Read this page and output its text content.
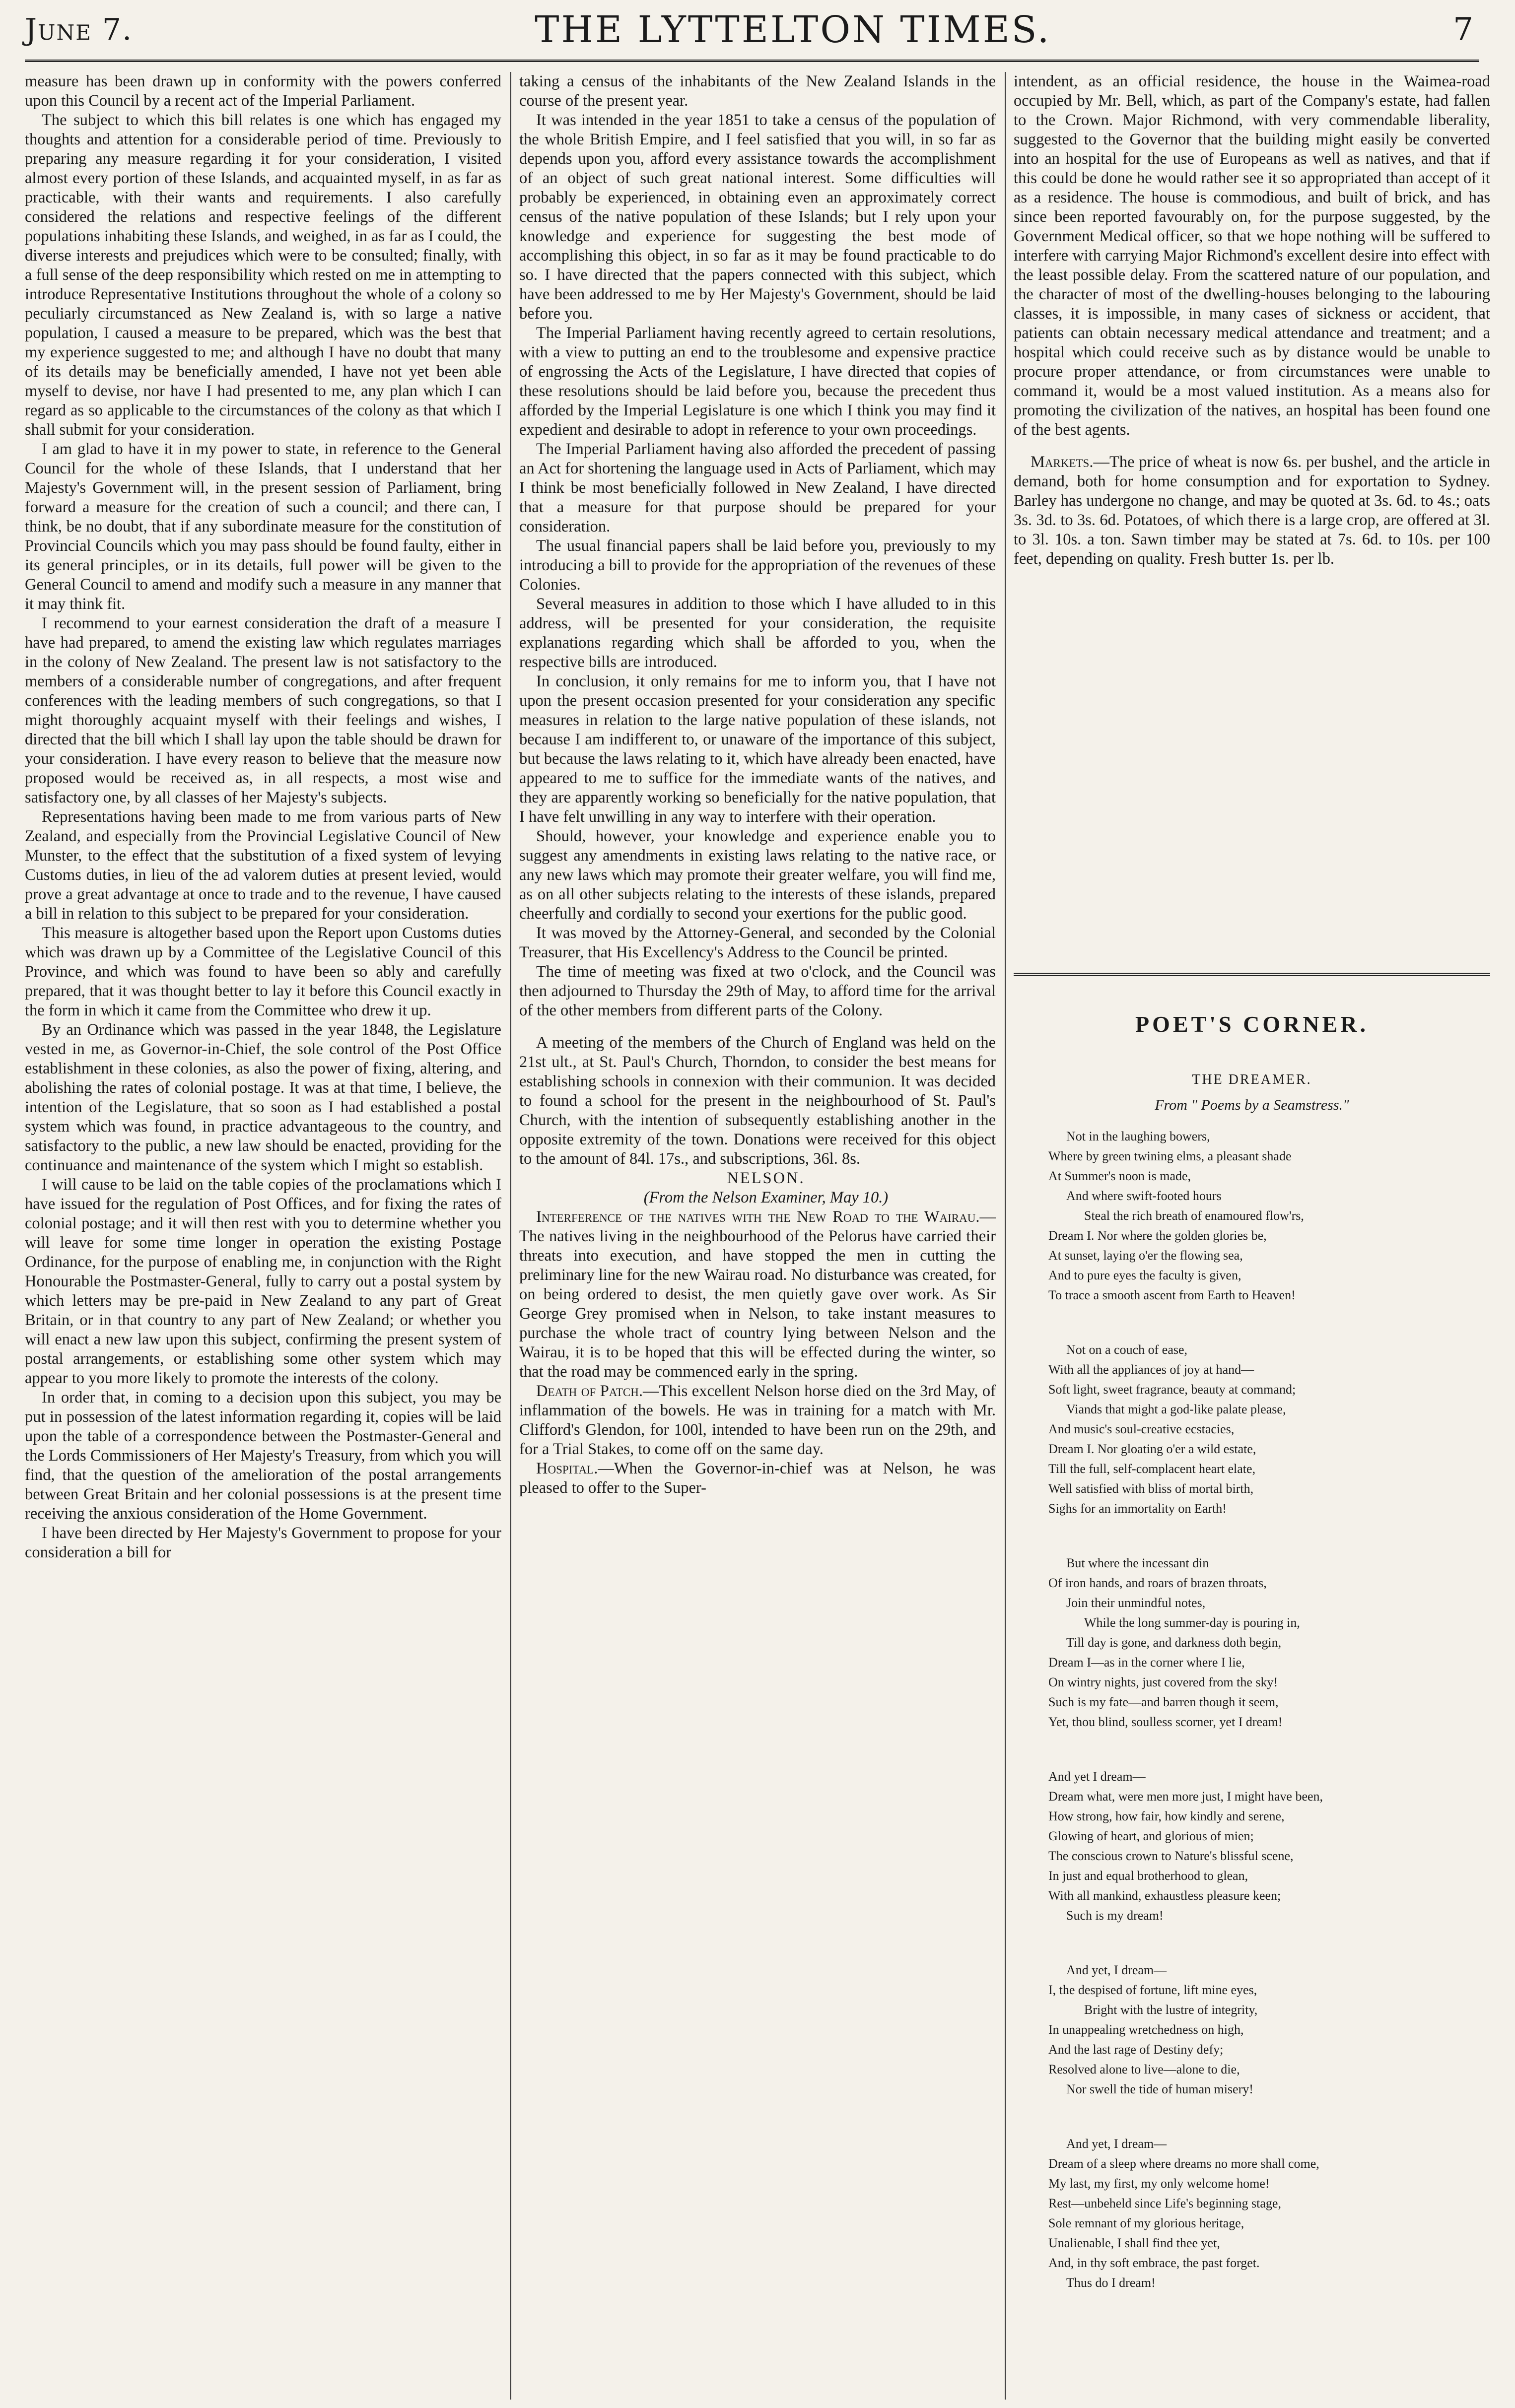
June 7.	THE LYTTELTON TIMES.	7

measure has been drawn up in conformity with the powers conferred upon this Council by a recent act of the Imperial Parliament.

The subject to which this bill relates is one which has engaged my thoughts and attention for a considerable period of time. Previously to preparing any measure regarding it for your consideration, I visited almost every portion of these Islands, and acquainted myself, in as far as practicable, with their wants and requirements. I also carefully considered the relations and respective feelings of the different populations inhabiting these Islands, and weighed, in as far as I could, the diverse interests and prejudices which were to be consulted; finally, with a full sense of the deep responsibility which rested on me in attempting to introduce Representative Institutions throughout the whole of a colony so peculiarly circumstanced as New Zealand is, with so large a native population, I caused a measure to be prepared, which was the best that my experience suggested to me; and although I have no doubt that many of its details may be beneficially amended, I have not yet been able myself to devise, nor have I had presented to me, any plan which I can regard as so applicable to the circumstances of the colony as that which I shall submit for your consideration.

I am glad to have it in my power to state, in reference to the General Council for the whole of these Islands, that I understand that her Majesty's Government will, in the present session of Parliament, bring forward a measure for the creation of such a council; and there can, I think, be no doubt, that if any subordinate measure for the constitution of Provincial Councils which you may pass should be found faulty, either in its general principles, or in its details, full power will be given to the General Council to amend and modify such a measure in any manner that it may think fit.

I recommend to your earnest consideration the draft of a measure I have had prepared, to amend the existing law which regulates marriages in the colony of New Zealand. The present law is not satisfactory to the members of a considerable number of congregations, and after frequent conferences with the leading members of such congregations, so that I might thoroughly acquaint myself with their feelings and wishes, I directed that the bill which I shall lay upon the table should be drawn for your consideration. I have every reason to believe that the measure now proposed would be received as, in all respects, a most wise and satisfactory one, by all classes of her Majesty's subjects.

Representations having been made to me from various parts of New Zealand, and especially from the Provincial Legislative Council of New Munster, to the effect that the substitution of a fixed system of levying Customs duties, in lieu of the ad valorem duties at present levied, would prove a great advantage at once to trade and to the revenue, I have caused a bill in relation to this subject to be prepared for your consideration.

This measure is altogether based upon the Report upon Customs duties which was drawn up by a Committee of the Legislative Council of this Province, and which was found to have been so ably and carefully prepared, that it was thought better to lay it before this Council exactly in the form in which it came from the Committee who drew it up.

By an Ordinance which was passed in the year 1848, the Legislature vested in me, as Governor-in-Chief, the sole control of the Post Office establishment in these colonies, as also the power of fixing, altering, and abolishing the rates of colonial postage. It was at that time, I believe, the intention of the Legislature, that so soon as I had established a postal system which was found, in practice advantageous to the country, and satisfactory to the public, a new law should be enacted, providing for the continuance and maintenance of the system which I might so establish.

I will cause to be laid on the table copies of the proclamations which I have issued for the regulation of Post Offices, and for fixing the rates of colonial postage; and it will then rest with you to determine whether you will leave for some time longer in operation the existing Postage Ordinance, for the purpose of enabling me, in conjunction with the Right Honourable the Postmaster-General, fully to carry out a postal system by which letters may be pre-paid in New Zealand to any part of Great Britain, or in that country to any part of New Zealand; or whether you will enact a new law upon this subject, confirming the present system of postal arrangements, or establishing some other system which may appear to you more likely to promote the interests of the colony.

In order that, in coming to a decision upon this subject, you may be put in possession of the latest information regarding it, copies will be laid upon the table of a correspondence between the Postmaster-General and the Lords Commissioners of Her Majesty's Treasury, from which you will find, that the question of the amelioration of the postal arrangements between Great Britain and her colonial possessions is at the present time receiving the anxious consideration of the Home Government.

I have been directed by Her Majesty's Government to propose for your consideration a bill for

taking a census of the inhabitants of the New Zealand Islands in the course of the present year.

It was intended in the year 1851 to take a census of the population of the whole British Empire, and I feel satisfied that you will, in so far as depends upon you, afford every assistance towards the accomplishment of an object of such great national interest. Some difficulties will probably be experienced, in obtaining even an approximately correct census of the native population of these Islands; but I rely upon your knowledge and experience for suggesting the best mode of accomplishing this object, in so far as it may be found practicable to do so. I have directed that the papers connected with this subject, which have been addressed to me by Her Majesty's Government, should be laid before you.

The Imperial Parliament having recently agreed to certain resolutions, with a view to putting an end to the troublesome and expensive practice of engrossing the Acts of the Legislature, I have directed that copies of these resolutions should be laid before you, because the precedent thus afforded by the Imperial Legislature is one which I think you may find it expedient and desirable to adopt in reference to your own proceedings.

The Imperial Parliament having also afforded the precedent of passing an Act for shortening the language used in Acts of Parliament, which may I think be most beneficially followed in New Zealand, I have directed that a measure for that purpose should be prepared for your consideration.

The usual financial papers shall be laid before you, previously to my introducing a bill to provide for the appropriation of the revenues of these Colonies.

Several measures in addition to those which I have alluded to in this address, will be presented for your consideration, the requisite explanations regarding which shall be afforded to you, when the respective bills are introduced.

In conclusion, it only remains for me to inform you, that I have not upon the present occasion presented for your consideration any specific measures in relation to the large native population of these islands, not because I am indifferent to, or unaware of the importance of this subject, but because the laws relating to it, which have already been enacted, have appeared to me to suffice for the immediate wants of the natives, and they are apparently working so beneficially for the native population, that I have felt unwilling in any way to interfere with their operation.

Should, however, your knowledge and experience enable you to suggest any amendments in existing laws relating to the native race, or any new laws which may promote their greater welfare, you will find me, as on all other subjects relating to the interests of these islands, prepared cheerfully and cordially to second your exertions for the public good.

It was moved by the Attorney-General, and seconded by the Colonial Treasurer, that His Excellency's Address to the Council be printed.

The time of meeting was fixed at two o'clock, and the Council was then adjourned to Thursday the 29th of May, to afford time for the arrival of the other members from different parts of the Colony.

A meeting of the members of the Church of England was held on the 21st ult., at St. Paul's Church, Thorndon, to consider the best means for establishing schools in connexion with their communion. It was decided to found a school for the present in the neighbourhood of St. Paul's Church, with the intention of subsequently establishing another in the opposite extremity of the town. Donations were received for this object to the amount of 84l. 17s., and subscriptions, 36l. 8s.

NELSON.

(From the Nelson Examiner, May 10.)

Interference of the natives with the New Road to the Wairau.—The natives living in the neighbourhood of the Pelorus have carried their threats into execution, and have stopped the men in cutting the preliminary line for the new Wairau road. No disturbance was created, for on being ordered to desist, the men quietly gave over work. As Sir George Grey promised when in Nelson, to take instant measures to purchase the whole tract of country lying between Nelson and the Wairau, it is to be hoped that this will be effected during the winter, so that the road may be commenced early in the spring.

Death of Patch.—This excellent Nelson horse died on the 3rd May, of inflammation of the bowels. He was in training for a match with Mr. Clifford's Glendon, for 100l, intended to have been run on the 29th, and for a Trial Stakes, to come off on the same day.

Hospital.—When the Governor-in-chief was at Nelson, he was pleased to offer to the Super-

intendent, as an official residence, the house in the Waimea-road occupied by Mr. Bell, which, as part of the Company's estate, had fallen to the Crown. Major Richmond, with very commendable liberality, suggested to the Governor that the building might easily be converted into an hospital for the use of Europeans as well as natives, and that if this could be done he would rather see it so appropriated than accept of it as a residence. The house is commodious, and built of brick, and has since been reported favourably on, for the purpose suggested, by the Government Medical officer, so that we hope nothing will be suffered to interfere with carrying Major Richmond's excellent desire into effect with the least possible delay. From the scattered nature of our population, and the character of most of the dwelling-houses belonging to the labouring classes, it is impossible, in many cases of sickness or accident, that patients can obtain necessary medical attendance and treatment; and a hospital which could receive such as by distance would be unable to procure proper attendance, or from circumstances were unable to command it, would be a most valued institution. As a means also for promoting the civilization of the natives, an hospital has been found one of the best agents.

Markets.—The price of wheat is now 6s. per bushel, and the article in demand, both for home consumption and for exportation to Sydney. Barley has undergone no change, and may be quoted at 3s. 6d. to 4s.; oats 3s. 3d. to 3s. 6d. Potatoes, of which there is a large crop, are offered at 3l. to 3l. 10s. a ton. Sawn timber may be stated at 7s. 6d. to 10s. per 100 feet, depending on quality. Fresh butter 1s. per lb.

POET'S CORNER.
THE DREAMER.
From " Poems by a Seamstress."
Not in the laughing bowers,
Where by green twining elms, a pleasant shade
At Summer's noon is made,
And where swift-footed hours
Steal the rich breath of enamoured flow'rs,
Dream I. Nor where the golden glories be,
At sunset, laying o'er the flowing sea,
And to pure eyes the faculty is given,
To trace a smooth ascent from Earth to Heaven!
Not on a couch of ease,
With all the appliances of joy at hand—
Soft light, sweet fragrance, beauty at command;
Viands that might a god-like palate please,
And music's soul-creative ecstacies,
Dream I. Nor gloating o'er a wild estate,
Till the full, self-complacent heart elate,
Well satisfied with bliss of mortal birth,
Sighs for an immortality on Earth!
But where the incessant din
Of iron hands, and roars of brazen throats,
Join their unmindful notes,
While the long summer-day is pouring in,
Till day is gone, and darkness doth begin,
Dream I—as in the corner where I lie,
On wintry nights, just covered from the sky!
Such is my fate—and barren though it seem,
Yet, thou blind, soulless scorner, yet I dream!
And yet I dream—
Dream what, were men more just, I might have been,
How strong, how fair, how kindly and serene,
Glowing of heart, and glorious of mien;
The conscious crown to Nature's blissful scene,
In just and equal brotherhood to glean,
With all mankind, exhaustless pleasure keen;
Such is my dream!
And yet, I dream—
I, the despised of fortune, lift mine eyes,
Bright with the lustre of integrity,
In unappealing wretchedness on high,
And the last rage of Destiny defy;
Resolved alone to live—alone to die,
Nor swell the tide of human misery!
And yet, I dream—
Dream of a sleep where dreams no more shall come,
My last, my first, my only welcome home!
Rest—unbeheld since Life's beginning stage,
Sole remnant of my glorious heritage,
Unalienable, I shall find thee yet,
And, in thy soft embrace, the past forget.
Thus do I dream!
